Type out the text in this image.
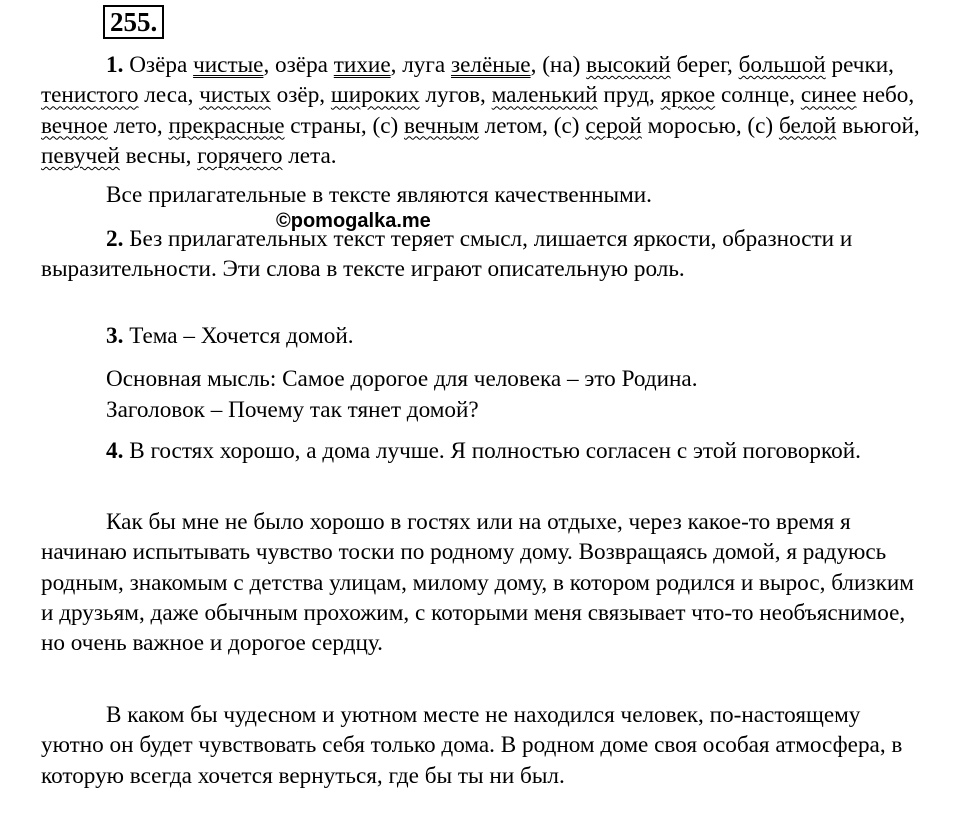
255.

1. Озёра чистые, озёра тихие, луга зелёные, (на) высокий берег, большой речки, тенистого леса, чистых озёр, широких лугов, маленький пруд, яркое солнце, синее небо, вечное лето, прекрасные страны, (с) вечным летом, (с) серой моросью, (с) белой вьюгой, певучей весны, горячего лета.

Все прилагательные в тексте являются качественными.

©pomogalka.me

2. Без прилагательных текст теряет смысл, лишается яркости, образности и выразительности. Эти слова в тексте играют описательную роль.

3. Тема – Хочется домой.

Основная мысль: Самое дорогое для человека – это Родина.

Заголовок – Почему так тянет домой?

4. В гостях хорошо, а дома лучше. Я полностью согласен с этой поговоркой.

Как бы мне не было хорошо в гостях или на отдыхе, через какое-то время я начинаю испытывать чувство тоски по родному дому. Возвращаясь домой, я радуюсь родным, знакомым с детства улицам, милому дому, в котором родился и вырос, близким и друзьям, даже обычным прохожим, с которыми меня связывает что-то необъяснимое, но очень важное и дорогое сердцу.

В каком бы чудесном и уютном месте не находился человек, по-настоящему уютно он будет чувствовать себя только дома. В родном доме своя особая атмосфера, в которую всегда хочется вернуться, где бы ты ни был.
